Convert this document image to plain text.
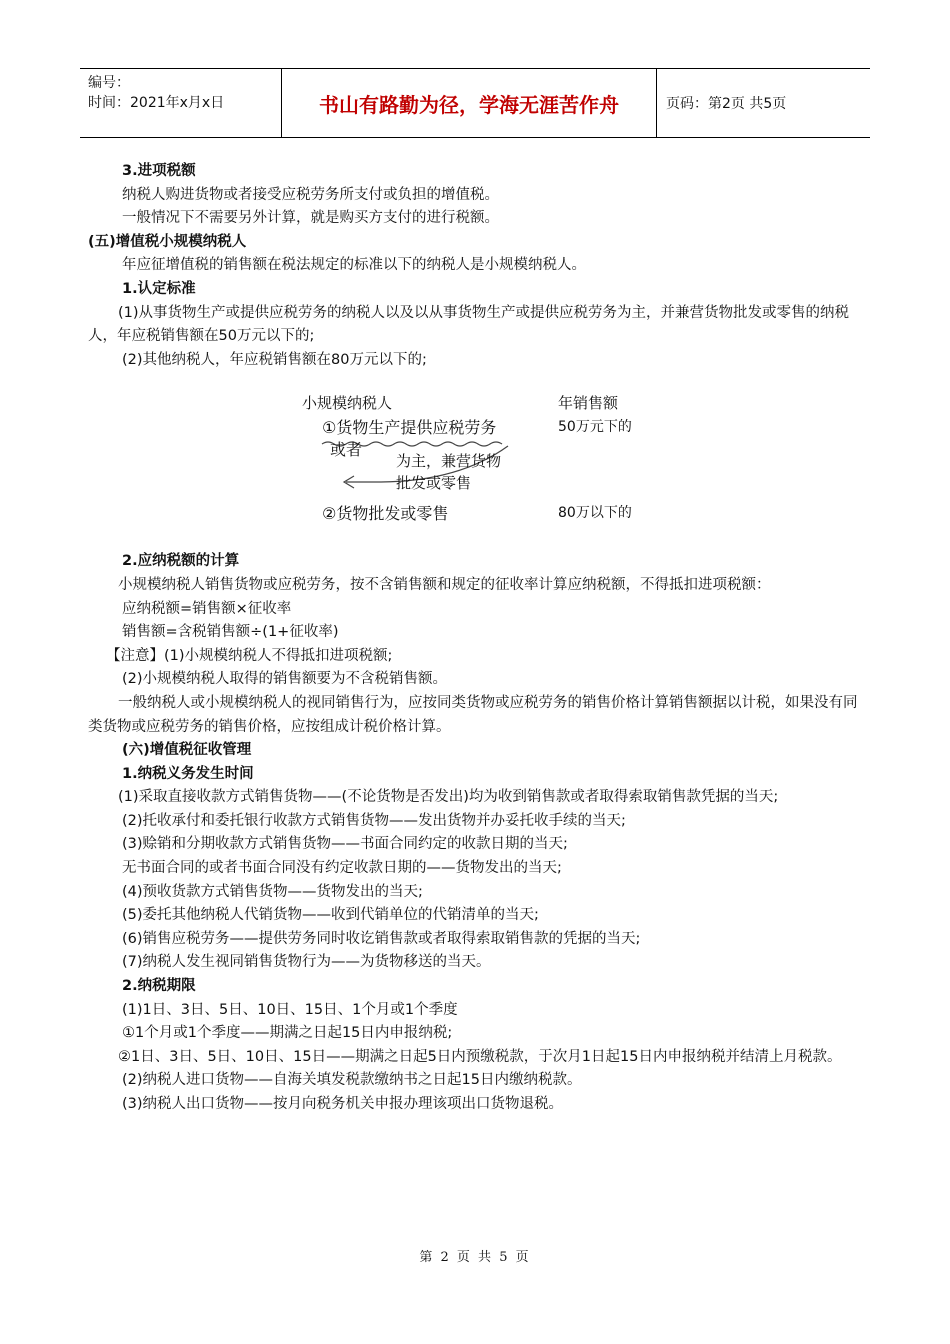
编号：
时间：2021年x月x日	书山有路勤为径，学海无涯苦作舟	页码：第2页 共5页

3.进项税额

纳税人购进货物或者接受应税劳务所支付或负担的增值税。

一般情况下不需要另外计算，就是购买方支付的进行税额。

(五)增值税小规模纳税人

年应征增值税的销售额在税法规定的标准以下的纳税人是小规模纳税人。

1.认定标准

(1)从事货物生产或提供应税劳务的纳税人以及以从事货物生产或提供应税劳务为主，并兼营货物批发或零售的纳税人，年应税销售额在50万元以下的;

(2)其他纳税人，年应税销售额在80万元以下的;

小规模纳税人	年销售额
①货物生产提供应税劳务	50万元下的
或者
为主，兼营货物
批发或零售
②货物批发或零售	80万以下的

2.应纳税额的计算

小规模纳税人销售货物或应税劳务，按不含销售额和规定的征收率计算应纳税额，不得抵扣进项税额：

应纳税额=销售额×征收率

销售额=含税销售额÷(1+征收率)

【注意】(1)小规模纳税人不得抵扣进项税额;

(2)小规模纳税人取得的销售额要为不含税销售额。

一般纳税人或小规模纳税人的视同销售行为，应按同类货物或应税劳务的销售价格计算销售额据以计税，如果没有同类货物或应税劳务的销售价格，应按组成计税价格计算。

(六)增值税征收管理

1.纳税义务发生时间

(1)采取直接收款方式销售货物——(不论货物是否发出)均为收到销售款或者取得索取销售款凭据的当天;

(2)托收承付和委托银行收款方式销售货物——发出货物并办妥托收手续的当天;

(3)赊销和分期收款方式销售货物——书面合同约定的收款日期的当天;

无书面合同的或者书面合同没有约定收款日期的——货物发出的当天;

(4)预收货款方式销售货物——货物发出的当天;

(5)委托其他纳税人代销货物——收到代销单位的代销清单的当天;

(6)销售应税劳务——提供劳务同时收讫销售款或者取得索取销售款的凭据的当天;

(7)纳税人发生视同销售货物行为——为货物移送的当天。

2.纳税期限

(1)1日、3日、5日、10日、15日、1个月或1个季度

①1个月或1个季度——期满之日起15日内申报纳税;

②1日、3日、5日、10日、15日——期满之日起5日内预缴税款，于次月1日起15日内申报纳税并结清上月税款。

(2)纳税人进口货物——自海关填发税款缴纳书之日起15日内缴纳税款。

(3)纳税人出口货物——按月向税务机关申报办理该项出口货物退税。

第 2 页 共 5 页
